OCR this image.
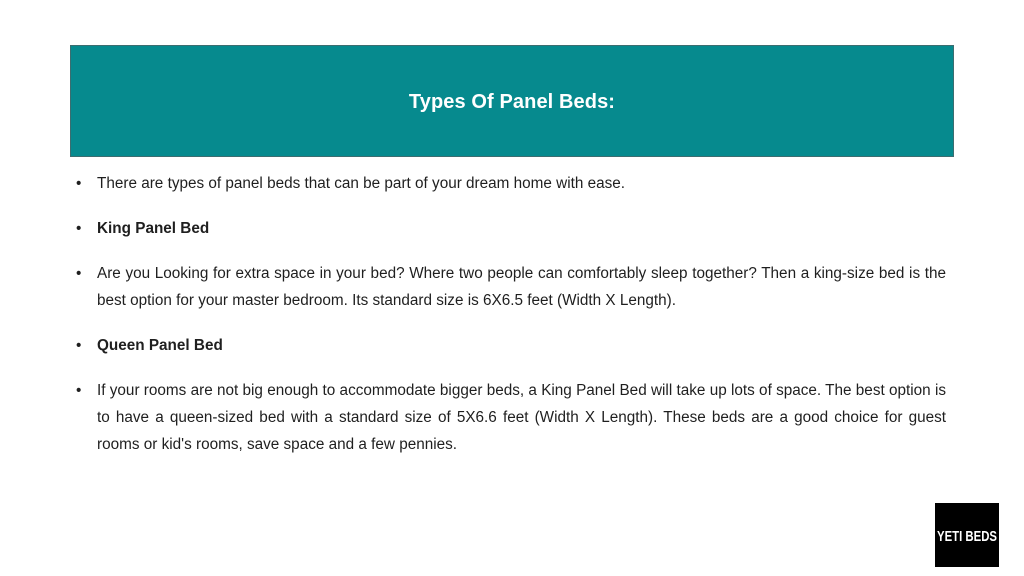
Types Of Panel Beds:
• There are types of panel beds that can be part of your dream home with ease.
• King Panel Bed
• Are you Looking for extra space in your bed? Where two people can comfortably sleep together? Then a king-size bed is the best option for your master bedroom. Its standard size is 6X6.5 feet (Width X Length).
• Queen Panel Bed
• If your rooms are not big enough to accommodate bigger beds, a King Panel Bed will take up lots of space. The best option is to have a queen-sized bed with a standard size of 5X6.6 feet (Width X Length). These beds are a good choice for guest rooms or kid's rooms, save space and a few pennies.
YETI BEDS
